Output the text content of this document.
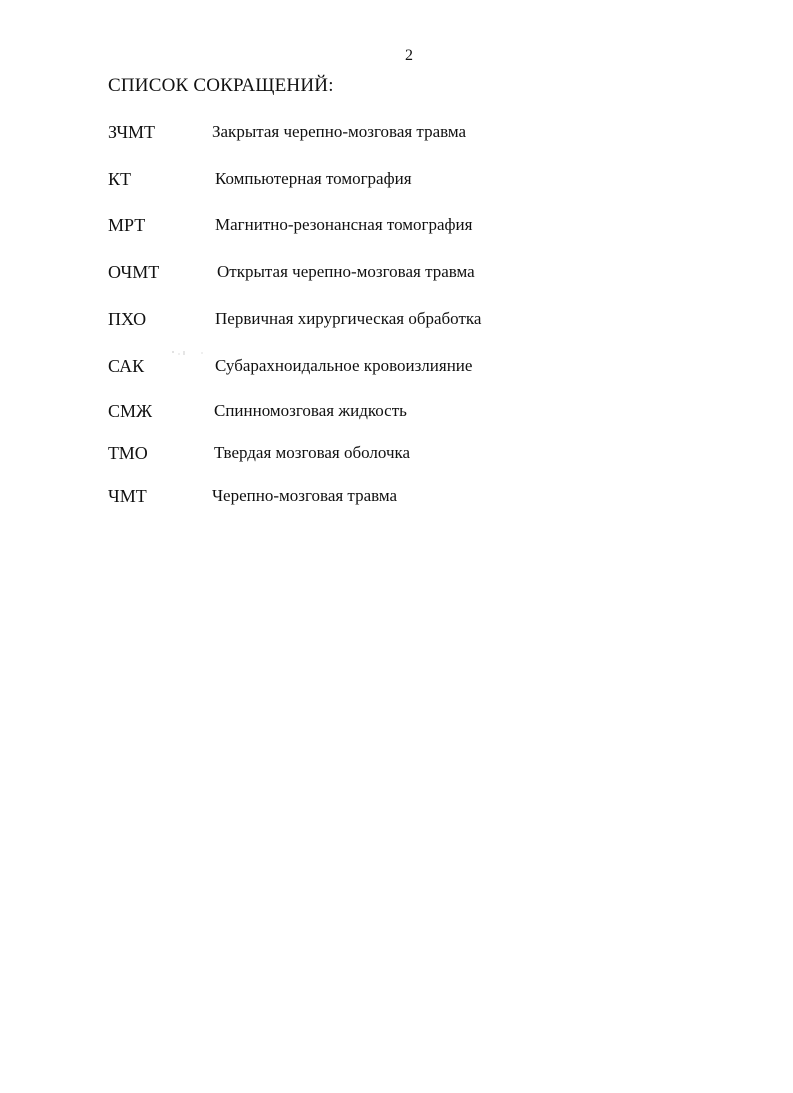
2
СПИСОК СОКРАЩЕНИЙ:
ЗЧМТ	Закрытая черепно-мозговая травма
КТ	Компьютерная томография
МРТ	Магнитно-резонансная томография
ОЧМТ	Открытая черепно-мозговая травма
ПХО	Первичная хирургическая обработка
САК	Субарахноидальное кровоизлияние
СМЖ	Спинномозговая жидкость
ТМО	Твердая мозговая оболочка
ЧМТ	Черепно-мозговая травма
